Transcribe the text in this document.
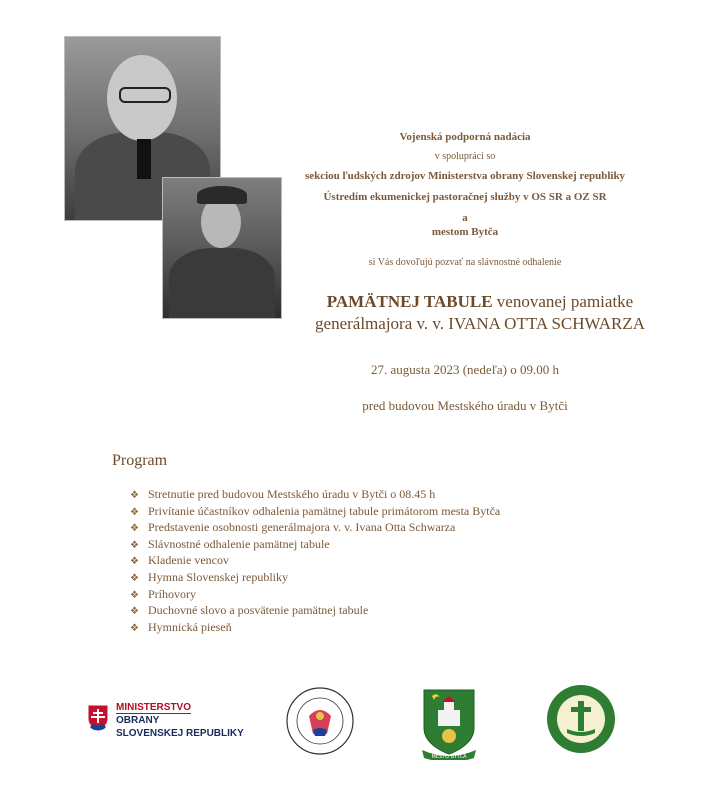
Vojenská podporná nadácia
v spolupráci so
sekciou ľudských zdrojov Ministerstva obrany Slovenskej republiky
Ústredím ekumenickej pastoračnej služby v OS SR a OZ SR
a
mestom Bytča
si Vás dovoľujú pozvať na slávnostné odhalenie
PAMÄTNEJ TABULE venovanej pamiatke
generálmajora v. v. IVANA OTTA SCHWARZA
27. augusta 2023 (nedeľa) o 09.00 h
pred budovou Mestského úradu v Bytči
Program
❖ Stretnutie pred budovou Mestského úradu v Bytči o 08.45 h
❖ Privítanie účastníkov odhalenia pamätnej tabule primátorom mesta Bytča
❖ Predstavenie osobnosti generálmajora v. v. Ivana Otta Schwarza
❖ Slávnostné odhalenie pamätnej tabule
❖ Kladenie vencov
❖ Hymna Slovenskej republiky
❖ Príhovory
❖ Duchovné slovo a posvätenie pamätnej tabule
❖ Hymnická pieseň
MINISTERSTVO
OBRANY
SLOVENSKEJ REPUBLIKY
MESTO BYTČA
